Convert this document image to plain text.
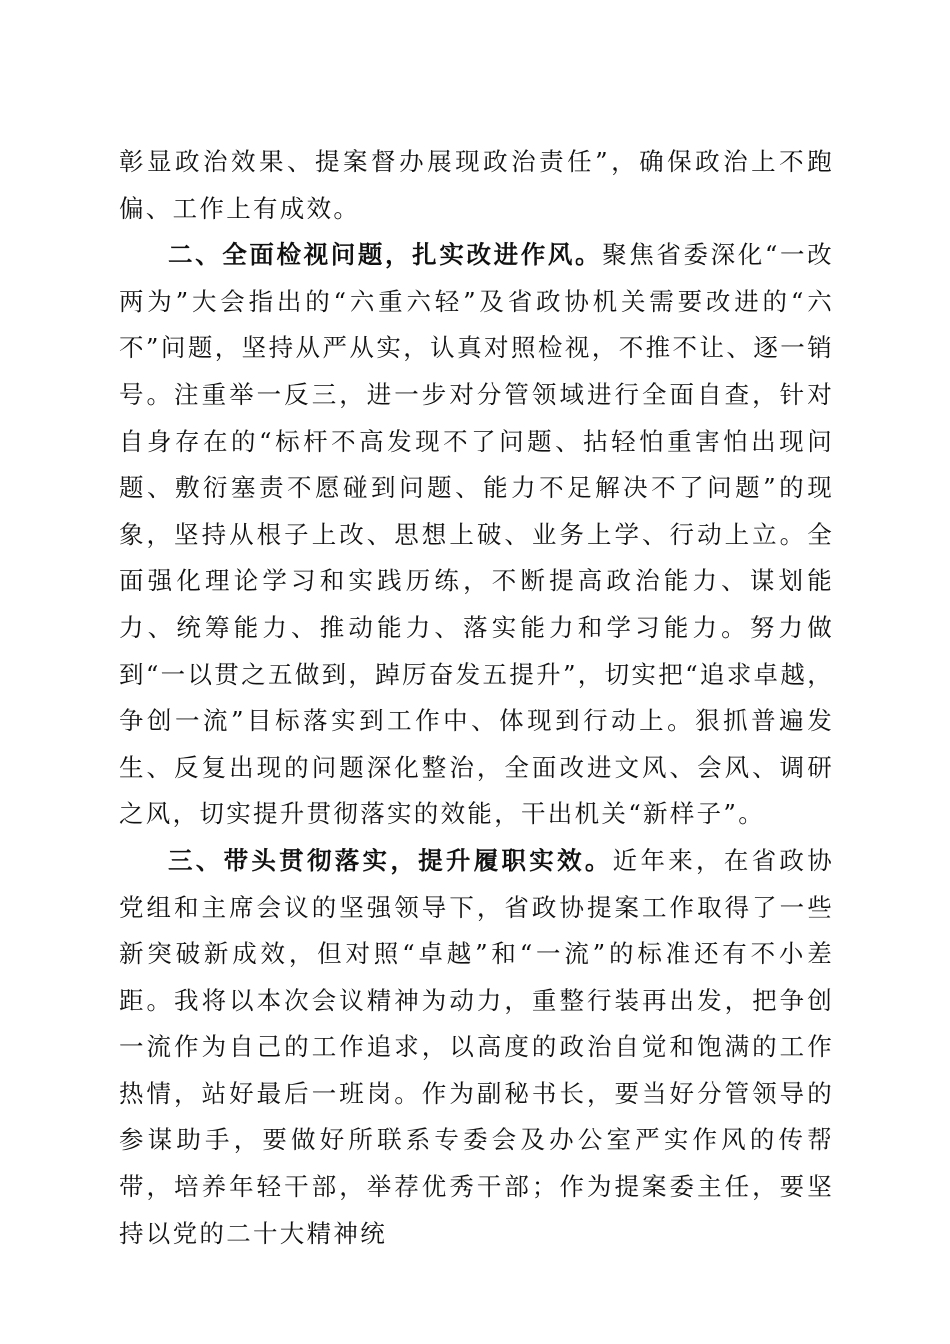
彰显政治效果、提案督办展现政治责任”，确保政治上不跑偏、工作上有成效。

二、全面检视问题，扎实改进作风。聚焦省委深化“一改两为”大会指出的“六重六轻”及省政协机关需要改进的“六不”问题，坚持从严从实，认真对照检视，不推不让、逐一销号。注重举一反三，进一步对分管领域进行全面自查，针对自身存在的“标杆不高发现不了问题、拈轻怕重害怕出现问题、敷衍塞责不愿碰到问题、能力不足解决不了问题”的现象，坚持从根子上改、思想上破、业务上学、行动上立。全面强化理论学习和实践历练，不断提高政治能力、谋划能力、统筹能力、推动能力、落实能力和学习能力。努力做到“一以贯之五做到，踔厉奋发五提升”，切实把“追求卓越，争创一流”目标落实到工作中、体现到行动上。狠抓普遍发生、反复出现的问题深化整治，全面改进文风、会风、调研之风，切实提升贯彻落实的效能，干出机关“新样子”。

三、带头贯彻落实，提升履职实效。近年来，在省政协党组和主席会议的坚强领导下，省政协提案工作取得了一些新突破新成效，但对照“卓越”和“一流”的标准还有不小差距。我将以本次会议精神为动力，重整行装再出发，把争创一流作为自己的工作追求，以高度的政治自觉和饱满的工作热情，站好最后一班岗。作为副秘书长，要当好分管领导的参谋助手，要做好所联系专委会及办公室严实作风的传帮带，培养年轻干部，举荐优秀干部；作为提案委主任，要坚持以党的二十大精神统
